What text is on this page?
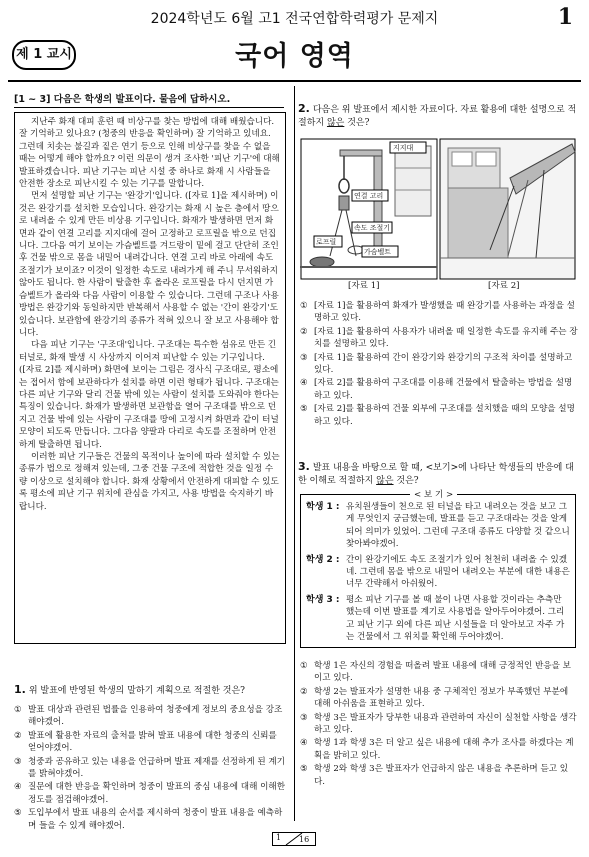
2024학년도 6월 고1 전국연합학력평가 문제지	1
제 1 교시	국어 영역
[1 ~ 3] 다음은 학생의 발표이다. 물음에 답하시오.

지난주 화재 대피 훈련 때 비상구를 찾는 방법에 대해 배웠습니다. 잘 기억하고 있나요? (청중의 반응을 확인하며) 잘 기억하고 있네요. 그런데 치솟는 불길과 짙은 연기 등으로 인해 비상구를 찾을 수 없을 때는 어떻게 해야 할까요? 이런 의문이 생겨 조사한 '피난 기구'에 대해 발표하겠습니다. 피난 기구는 피난 시설 중 하나로 화재 시 사람들을 안전한 장소로 피난시킬 수 있는 기구를 말합니다.

먼저 설명할 피난 기구는 '완강기'입니다. ([자료 1]을 제시하며) 이것은 완강기를 설치한 모습입니다. 완강기는 화재 시 높은 층에서 땅으로 내려올 수 있게 만든 비상용 기구입니다. 화재가 발생하면 먼저 화면과 같이 연결 고리를 지지대에 걸어 고정하고 로프릴을 밖으로 던집니다. 그다음 여기 보이는 가슴벨트를 겨드랑이 밑에 걸고 단단히 조인 후 건물 밖으로 몸을 내밀어 내려갑니다. 연결 고리 바로 아래에 속도 조절기가 보이죠? 이것이 일정한 속도로 내려가게 해 주니 무서워하지 않아도 됩니다. 한 사람이 탈출한 후 올라온 로프릴을 다시 던지면 가슴벨트가 올라와 다음 사람이 이용할 수 있습니다. 그런데 구조나 사용 방법은 완강기와 동일하지만 반복해서 사용할 수 없는 '간이 완강기'도 있습니다. 보관함에 완강기의 종류가 적혀 있으니 잘 보고 사용해야 합니다.

다음 피난 기구는 '구조대'입니다. 구조대는 특수한 섬유로 만든 긴 터널로, 화재 발생 시 사상까지 이어져 피난할 수 있는 기구입니다. ([자료 2]를 제시하며) 화면에 보이는 그림은 경사식 구조대로, 평소에는 접어서 함에 보관하다가 설치를 하면 이런 형태가 됩니다. 구조대는 다른 피난 기구와 달리 건물 밖에 있는 사람이 설치를 도와줘야 한다는 특징이 있습니다. 화재가 발생하면 보관함을 열어 구조대를 밖으로 던지고 건물 밖에 있는 사람이 구조대를 땅에 고정시켜 화면과 같이 터널 모양이 되도록 만듭니다. 그다음 양팔과 다리로 속도를 조절하며 안전하게 탈출하면 됩니다.

이러한 피난 기구들은 건물의 목적이나 높이에 따라 설치할 수 있는 종류가 법으로 정해져 있는데, 그중 건물 구조에 적합한 것을 일정 수량 이상으로 설치해야 합니다. 화재 상황에서 안전하게 대피할 수 있도록 평소에 피난 기구 위치에 관심을 가지고, 사용 방법을 숙지하기 바랍니다.

1. 위 발표에 반영된 학생의 말하기 계획으로 적절한 것은?
① 발표 대상과 관련된 법률을 인용하여 청중에게 정보의 중요성을 강조해야겠어.
② 발표에 활용한 자료의 출처를 밝혀 발표 내용에 대한 청중의 신뢰를 얻어야겠어.
③ 청중과 공유하고 있는 내용을 언급하며 발표 제재를 선정하게 된 계기를 밝혀야겠어.
④ 질문에 대한 반응을 확인하며 청중이 발표의 중심 내용에 대해 이해한 정도를 점검해야겠어.
⑤ 도입부에서 발표 내용의 순서를 제시하여 청중이 발표 내용을 예측하며 들을 수 있게 해야겠어.
2. 다음은 위 발표에서 제시한 자료이다. 자료 활용에 대한 설명으로 적절하지 않은 것은?
지지대
연결 고리
속도 조절기
로프릴
가슴벨트
[자료 1]	[자료 2]
① [자료 1]을 활용하여 화재가 발생했을 때 완강기를 사용하는 과정을 설명하고 있다.
② [자료 1]을 활용하여 사용자가 내려올 때 일정한 속도를 유지해 주는 장치를 설명하고 있다.
③ [자료 1]을 활용하여 간이 완강기와 완강기의 구조적 차이를 설명하고 있다.
④ [자료 2]를 활용하여 구조대를 이용해 건물에서 탈출하는 방법을 설명하고 있다.
⑤ [자료 2]를 활용하여 건물 외부에 구조대를 설치했을 때의 모양을 설명하고 있다.
3. 발표 내용을 바탕으로 할 때, <보기>에 나타난 학생들의 반응에 대한 이해로 적절하지 않은 것은?
학생 1 : 유치원생들이 천으로 된 터널을 타고 내려오는 것을 보고 그게 무엇인지 궁금했는데, 발표를 듣고 구조대라는 것을 알게 되어 의미가 있었어. 그런데 구조대 종류도 다양할 것 같으니 찾아봐야겠어.
학생 2 : 간이 완강기에도 속도 조절기가 있어 천천히 내려올 수 있겠네. 그런데 몸을 밖으로 내밀어 내려오는 부분에 대한 내용은 너무 간략해서 아쉬웠어.
학생 3 : 평소 피난 기구를 볼 때 불이 나면 사용할 것이라는 추측만 했는데 이번 발표를 계기로 사용법을 알아두어야겠어. 그리고 피난 기구 외에 다른 피난 시설들을 더 알아보고 자주 가는 건물에서 그 위치를 확인해 두어야겠어.
< 보 기 >
① 학생 1은 자신의 경험을 떠올려 발표 내용에 대해 긍정적인 반응을 보이고 있다.
② 학생 2는 발표자가 설명한 내용 중 구체적인 정보가 부족했던 부분에 대해 아쉬움을 표현하고 있다.
③ 학생 3은 발표자가 당부한 내용과 관련하여 자신이 실천할 사항을 생각하고 있다.
④ 학생 1과 학생 3은 더 알고 싶은 내용에 대해 추가 조사를 하겠다는 계획을 밝히고 있다.
⑤ 학생 2와 학생 3은 발표자가 언급하지 않은 내용을 추론하며 듣고 있다.
1 16
